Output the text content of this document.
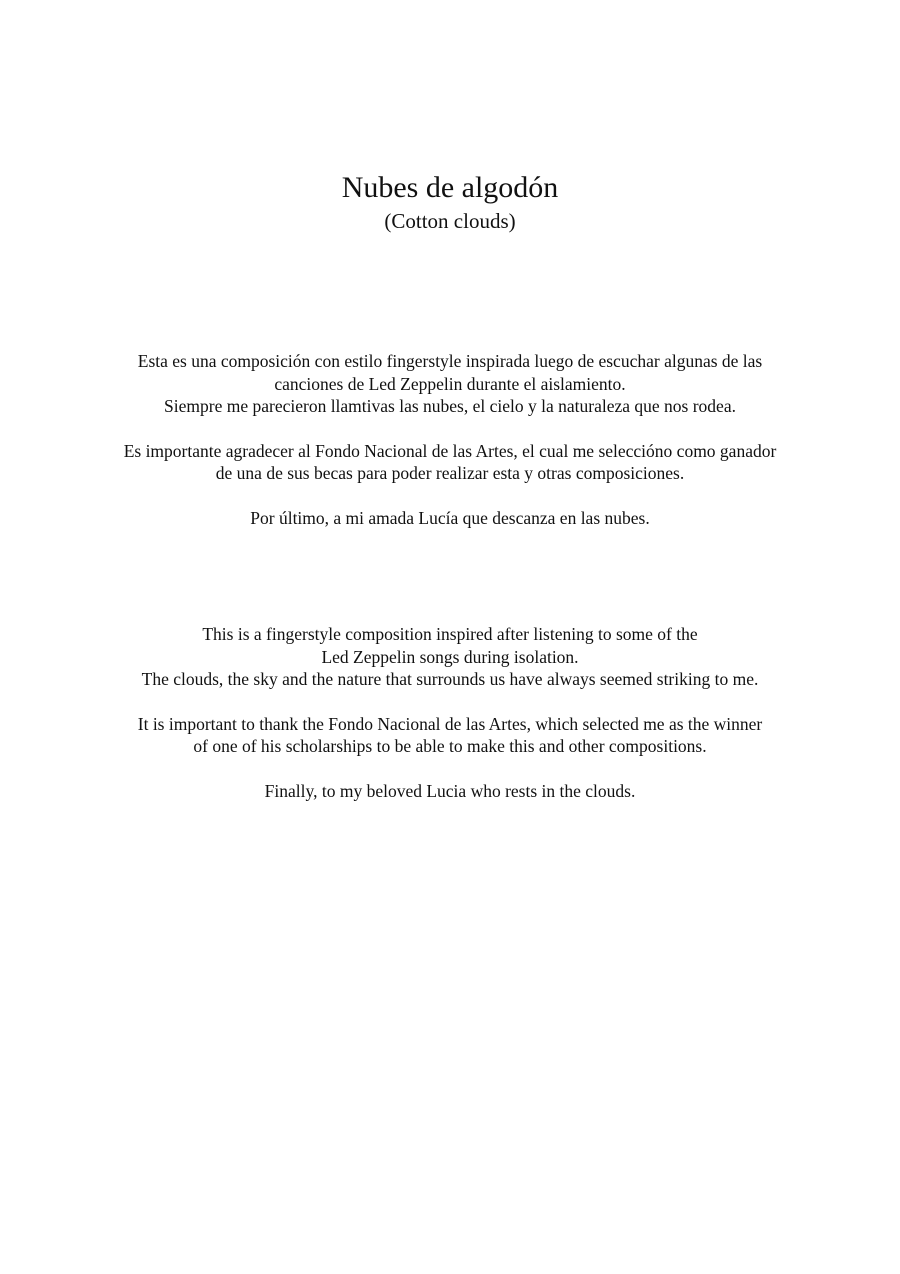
Nubes de algodón
(Cotton clouds)
Esta es una composición con estilo fingerstyle inspirada luego de escuchar algunas de las
canciones de Led Zeppelin durante el aislamiento.
Siempre me parecieron llamtivas las nubes, el cielo y la naturaleza que nos rodea.
Es importante agradecer al Fondo Nacional de las Artes, el cual me selecciónо como ganador
de una de sus becas para poder realizar esta y otras composiciones.
Por último, a mi amada Lucía que descanza en las nubes.
This is a fingerstyle composition inspired after listening to some of the
Led Zeppelin songs during isolation.
The clouds, the sky and the nature that surrounds us have always seemed striking to me.
It is important to thank the Fondo Nacional de las Artes, which selected me as the winner
of one of his scholarships to be able to make this and other compositions.
Finally, to my beloved Lucia who rests in the clouds.
